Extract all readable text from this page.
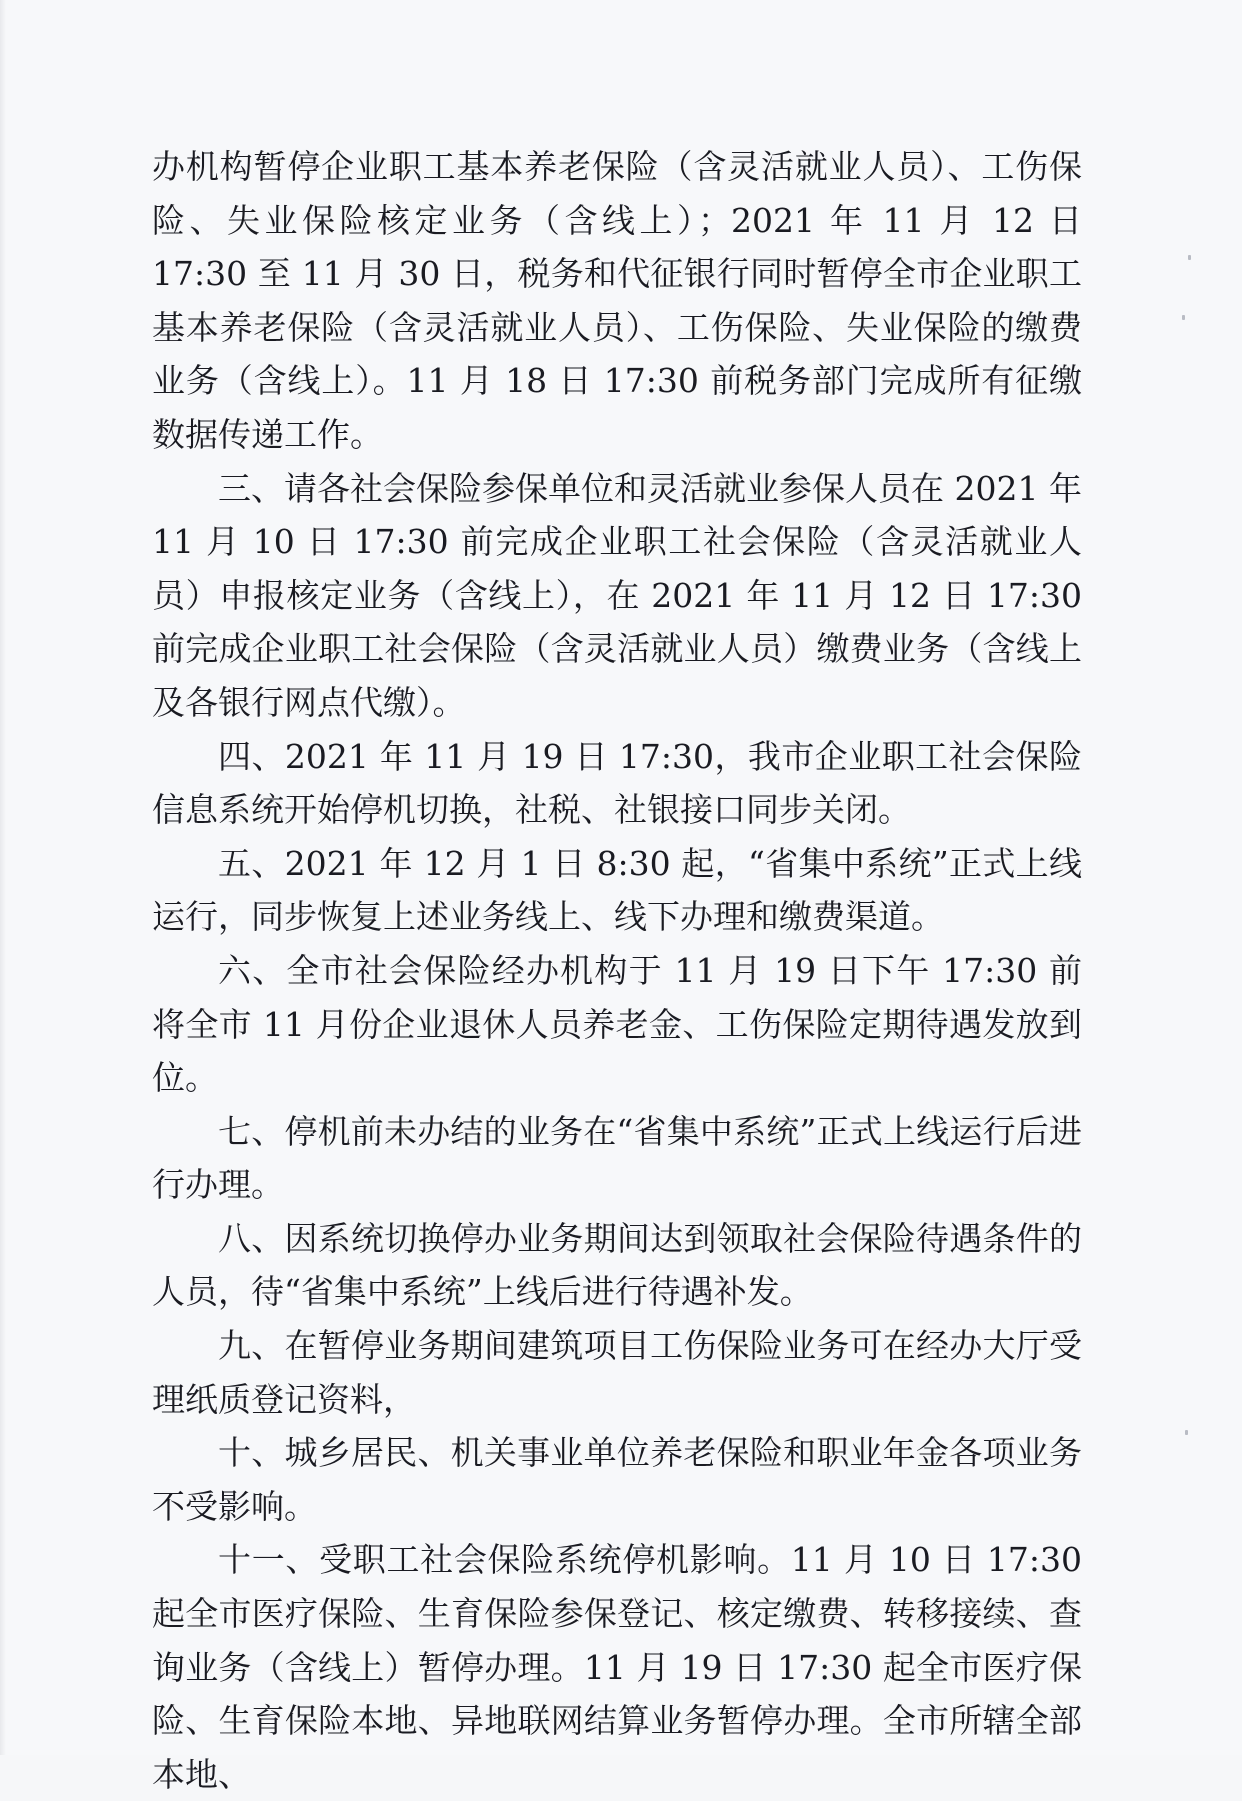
办机构暂停企业职工基本养老保险（含灵活就业人员）、工伤保险、失业保险核定业务（含线上）；2021 年 11 月 12 日 17:30 至 11 月 30 日，税务和代征银行同时暂停全市企业职工基本养老保险（含灵活就业人员）、工伤保险、失业保险的缴费业务（含线上）。11 月 18 日 17:30 前税务部门完成所有征缴数据传递工作。

三、请各社会保险参保单位和灵活就业参保人员在 2021 年 11 月 10 日 17:30 前完成企业职工社会保险（含灵活就业人员）申报核定业务（含线上），在 2021 年 11 月 12 日 17:30 前完成企业职工社会保险（含灵活就业人员）缴费业务（含线上及各银行网点代缴）。

四、2021 年 11 月 19 日 17:30，我市企业职工社会保险信息系统开始停机切换，社税、社银接口同步关闭。

五、2021 年 12 月 1 日 8:30 起，“省集中系统”正式上线运行，同步恢复上述业务线上、线下办理和缴费渠道。

六、全市社会保险经办机构于 11 月 19 日下午 17:30 前将全市 11 月份企业退休人员养老金、工伤保险定期待遇发放到位。

七、停机前未办结的业务在“省集中系统”正式上线运行后进行办理。

八、因系统切换停办业务期间达到领取社会保险待遇条件的人员，待“省集中系统”上线后进行待遇补发。

九、在暂停业务期间建筑项目工伤保险业务可在经办大厅受理纸质登记资料，

十、城乡居民、机关事业单位养老保险和职业年金各项业务不受影响。

十一、受职工社会保险系统停机影响。11 月 10 日 17:30 起全市医疗保险、生育保险参保登记、核定缴费、转移接续、查询业务（含线上）暂停办理。11 月 19 日 17:30 起全市医疗保险、生育保险本地、异地联网结算业务暂停办理。全市所辖全部本地、
